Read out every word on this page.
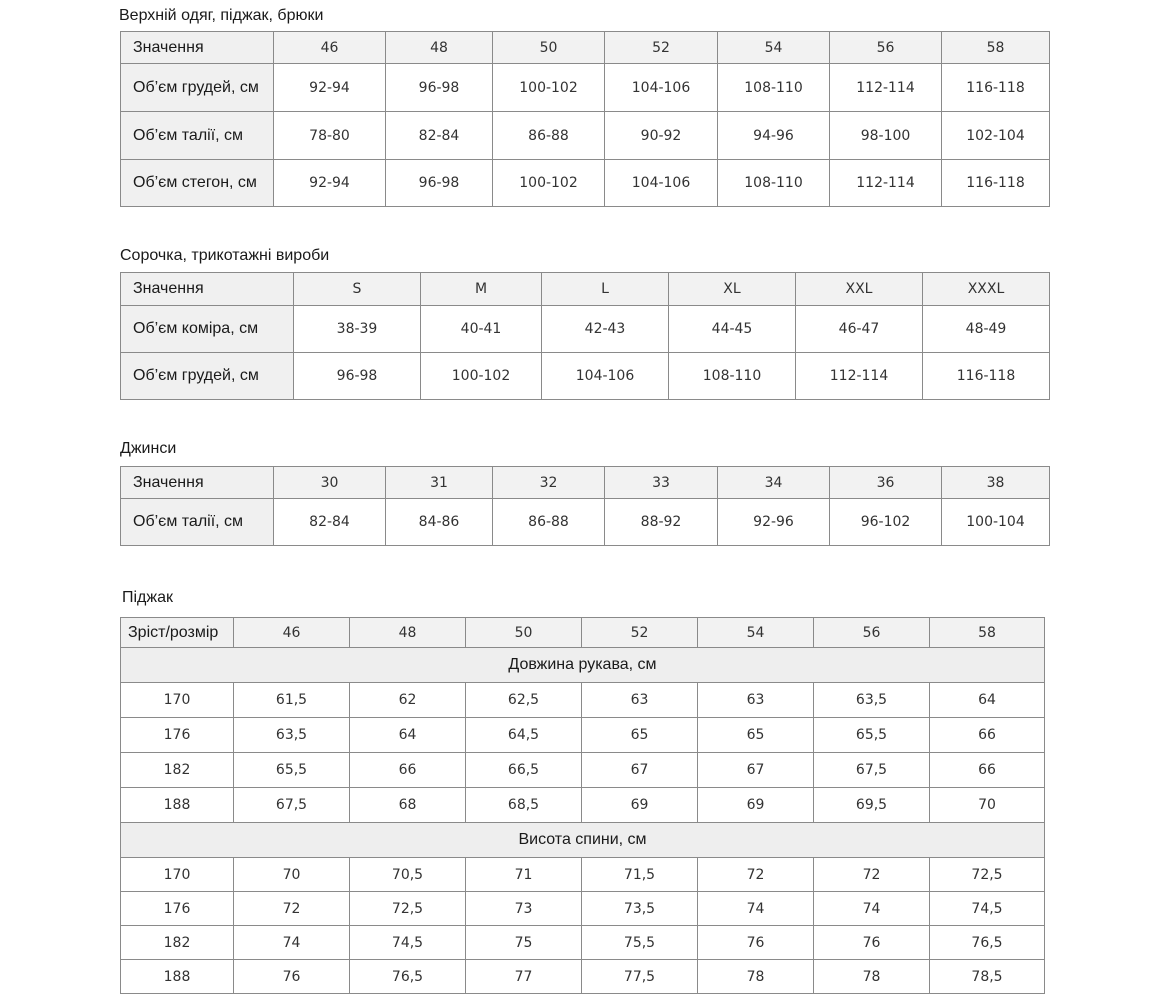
Верхній одяг, піджак, брюки
Значення	46	48	50	52	54	56	58
Об’єм грудей, см	92-94	96-98	100-102	104-106	108-110	112-114	116-118
Об’єм талії, см	78-80	82-84	86-88	90-92	94-96	98-100	102-104
Об’єм стегон, см	92-94	96-98	100-102	104-106	108-110	112-114	116-118
Сорочка, трикотажні вироби
Значення	S	M	L	XL	XXL	XXXL
Об’єм коміра, см	38-39	40-41	42-43	44-45	46-47	48-49
Об’єм грудей, см	96-98	100-102	104-106	108-110	112-114	116-118
Джинси
Значення	30	31	32	33	34	36	38
Об’єм талії, см	82-84	84-86	86-88	88-92	92-96	96-102	100-104
Піджак
Зріст/розмір	46	48	50	52	54	56	58
Довжина рукава, см							
170	61,5	62	62,5	63	63	63,5	64
176	63,5	64	64,5	65	65	65,5	66
182	65,5	66	66,5	67	67	67,5	66
188	67,5	68	68,5	69	69	69,5	70
Висота спини, см							
170	70	70,5	71	71,5	72	72	72,5
176	72	72,5	73	73,5	74	74	74,5
182	74	74,5	75	75,5	76	76	76,5
188	76	76,5	77	77,5	78	78	78,5
